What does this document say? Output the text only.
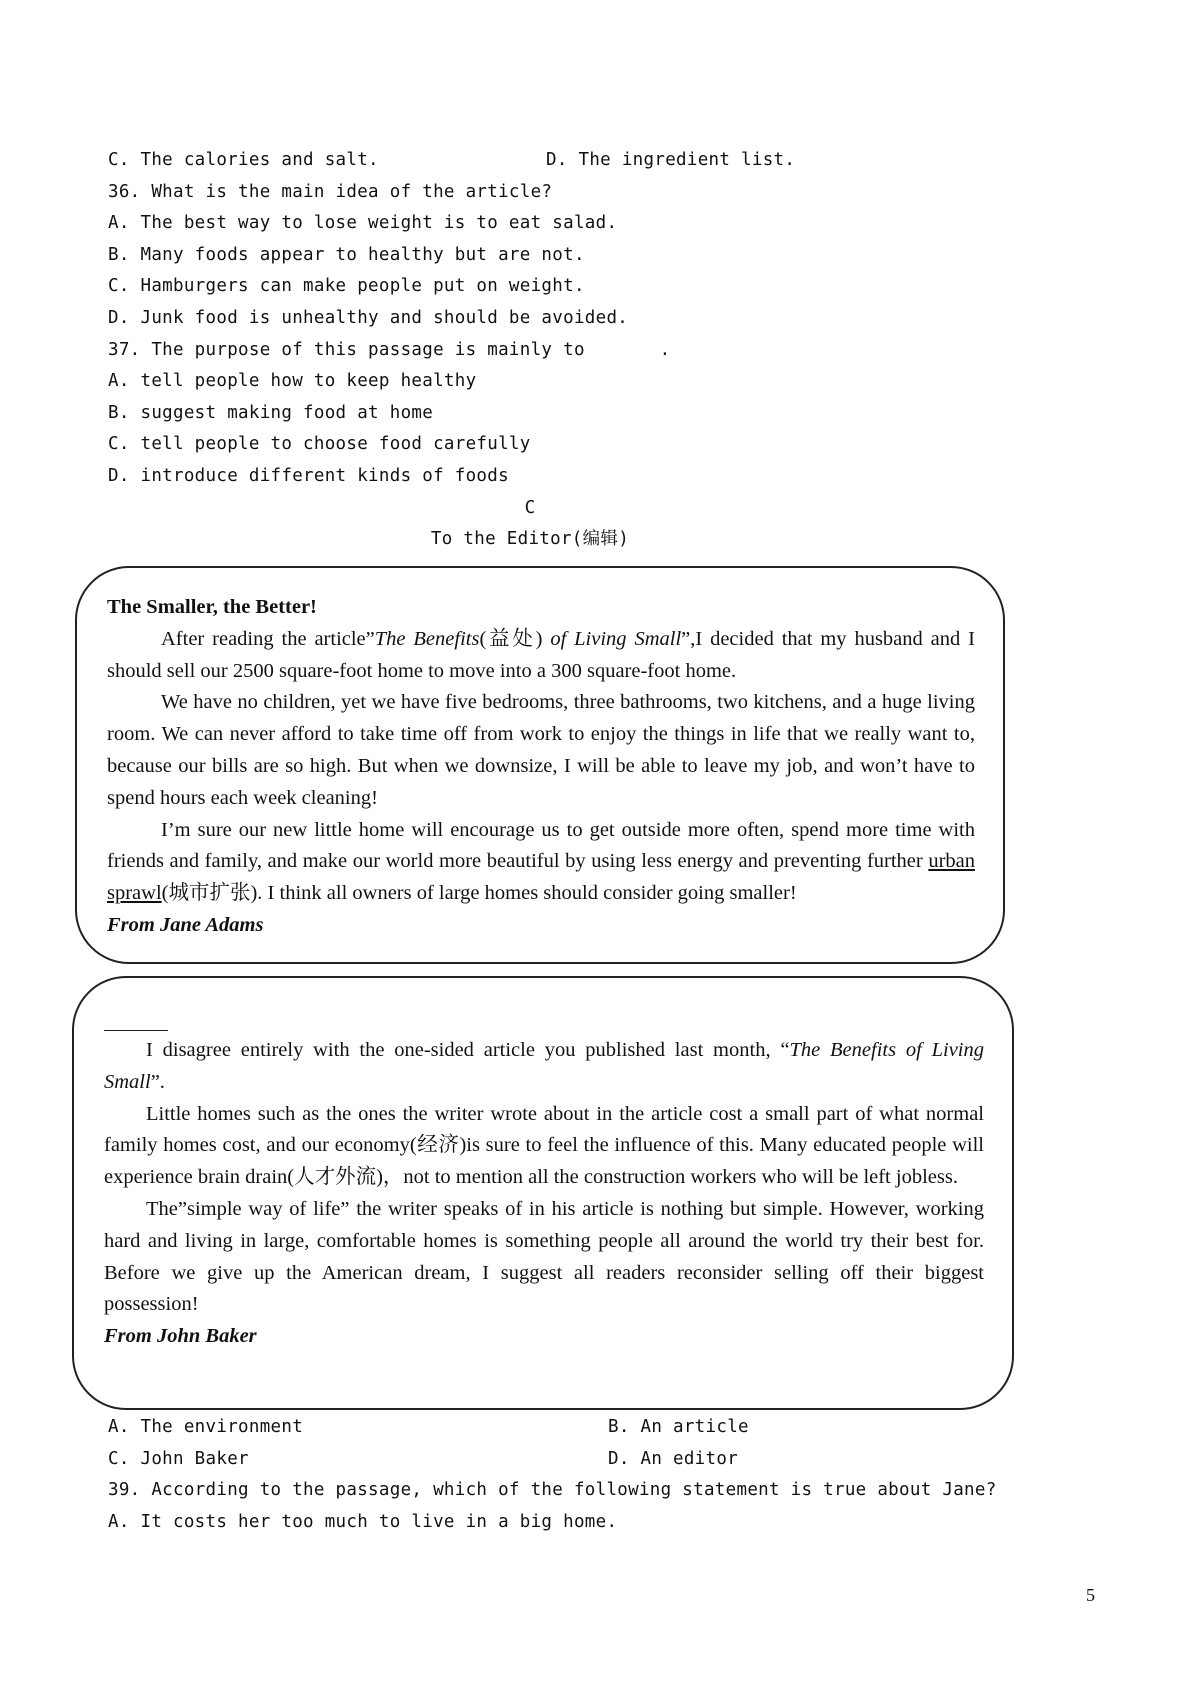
C. The calories and salt.	D. The ingredient list.
36. What is the main idea of the article?
A. The best way to lose weight is to eat salad.
B. Many foods appear to healthy but are not.
C. Hamburgers can make people put on weight.
D. Junk food is unhealthy and should be avoided.
37. The purpose of this passage is mainly to	.
A. tell people how to keep healthy
B. suggest making food at home
C. tell people to choose food carefully
D. introduce different kinds of foods
C
To the Editor(编辑)

The Smaller, the Better!

After reading the article”The Benefits(益处) of Living Small”,I decided that my husband and I should sell our 2500 square-foot home to move into a 300 square-foot home.

We have no children, yet we have five bedrooms, three bathrooms, two kitchens, and a huge living room. We can never afford to take time off from work to enjoy the things in life that we really want to, because our bills are so high. But when we downsize, I will be able to leave my job, and won’t have to spend hours each week cleaning!

I’m sure our new little home will encourage us to get outside more often, spend more time with friends and family, and make our world more beautiful by using less energy and preventing further urban sprawl(城市扩张). I think all owners of large homes should consider going smaller!

From Jane Adams

I disagree entirely with the one-sided article you published last month, “The Benefits of Living Small”.

Little homes such as the ones the writer wrote about in the article cost a small part of what normal family homes cost, and our economy(经济)is sure to feel the influence of this. Many educated people will experience brain drain(人才外流)，not to mention all the construction workers who will be left jobless.

The”simple way of life” the writer speaks of in his article is nothing but simple. However, working hard and living in large, comfortable homes is something people all around the world try their best for. Before we give up the American dream, I suggest all readers reconsider selling off their biggest possession!

From John Baker

A. The environment	B. An article
C. John Baker	D. An editor
39. According to the passage, which of the following statement is true about Jane?
A. It costs her too much to live in a big home.
5
